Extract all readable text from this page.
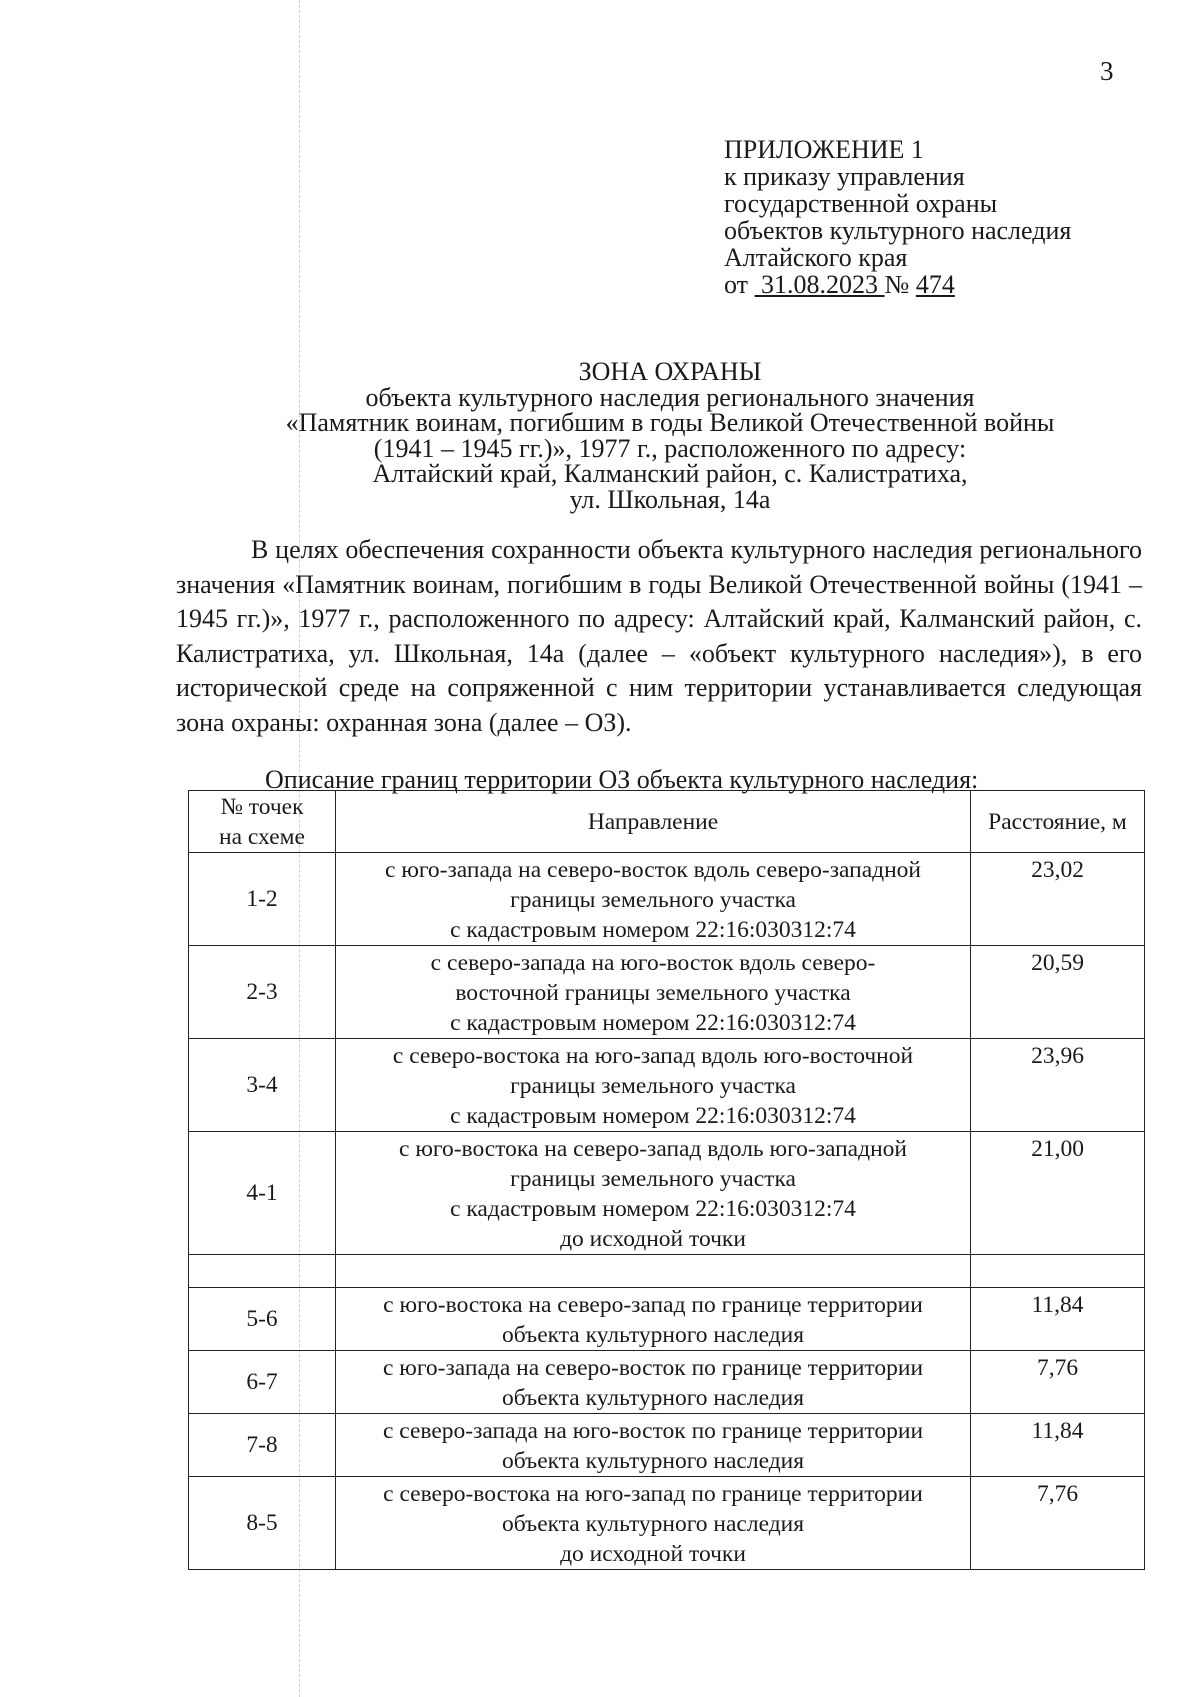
3
ПРИЛОЖЕНИЕ 1
к приказу управления
государственной охраны
объектов культурного наследия
Алтайского края
от 31.08.2023 № 474
ЗОНА ОХРАНЫ
объекта культурного наследия регионального значения
«Памятник воинам, погибшим в годы Великой Отечественной войны
(1941 – 1945 гг.)», 1977 г., расположенного по адресу:
Алтайский край, Калманский район, с. Калистратиха,
ул. Школьная, 14а

В целях обеспечения сохранности объекта культурного наследия регионального значения «Памятник воинам, погибшим в годы Великой Отечественной войны (1941 – 1945 гг.)», 1977 г., расположенного по адресу: Алтайский край, Калманский район, с. Калистратиха, ул. Школьная, 14а (далее – «объект культурного наследия»), в его исторической среде на сопряженной с ним территории устанавливается следующая зона охраны: охранная зона (далее – ОЗ).

Описание границ территории ОЗ объекта культурного наследия:
№ точек
на схеме	Направление	Расстояние, м
1-2	с юго-запада на северо-восток вдоль северо-западной
границы земельного участка
с кадастровым номером 22:16:030312:74	23,02

2-3	с северо-запада на юго-восток вдоль северо-
восточной границы земельного участка
с кадастровым номером 22:16:030312:74	20,59

3-4	с северо-востока на юго-запад вдоль юго-восточной
границы земельного участка
с кадастровым номером 22:16:030312:74	23,96

4-1	с юго-востока на северо-запад вдоль юго-западной
границы земельного участка
с кадастровым номером 22:16:030312:74
до исходной точки	21,00

5-6	с юго-востока на северо-запад по границе территории
объекта культурного наследия	11,84

6-7	с юго-запада на северо-восток по границе территории
объекта культурного наследия	7,76

7-8	с северо-запада на юго-восток по границе территории
объекта культурного наследия	11,84

8-5	с северо-востока на юго-запад по границе территории
объекта культурного наследия
до исходной точки	7,76
